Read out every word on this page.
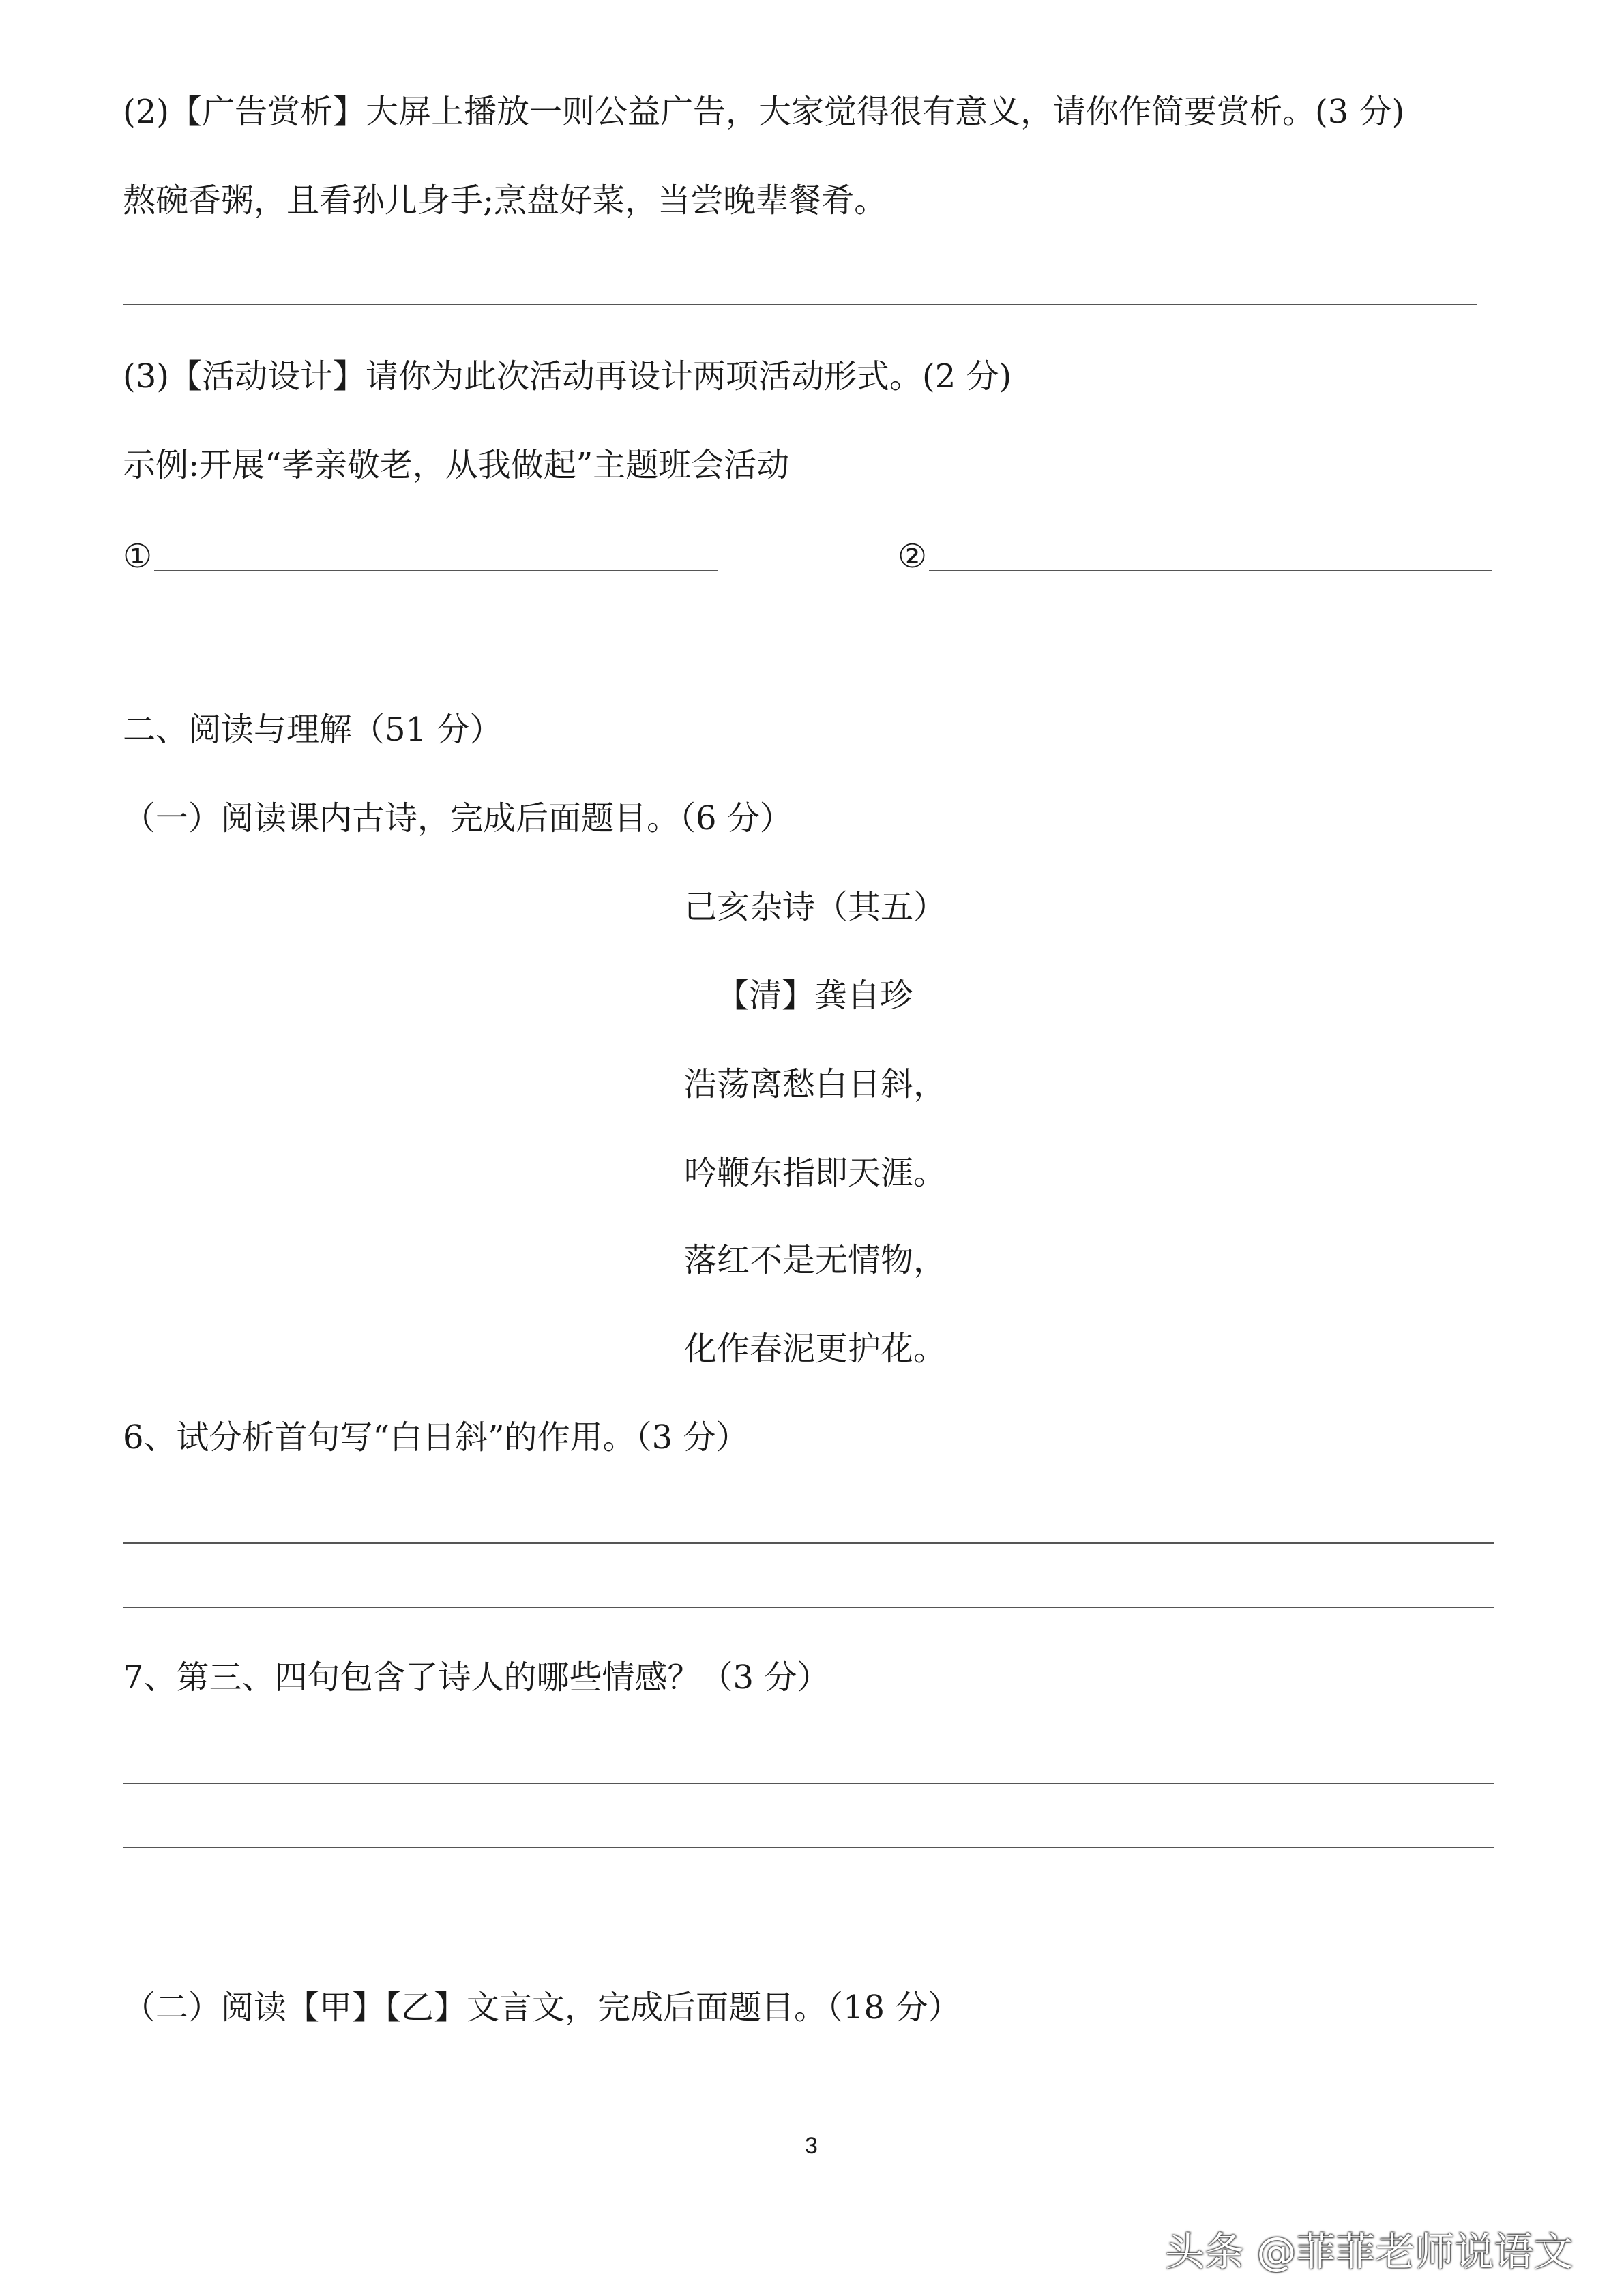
(2)【广告赏析】大屏上播放一则公益广告，大家觉得很有意义，请你作简要赏析。(3 分)
熬碗香粥，且看孙儿身手;烹盘好菜，当尝晚辈餐肴。
(3)【活动设计】请你为此次活动再设计两项活动形式。(2 分)
示例:开展“孝亲敬老，从我做起”主题班会活动
①	②
二、阅读与理解（51 分）
（一）阅读课内古诗，完成后面题目。（6 分）
己亥杂诗（其五）
【清】龚自珍
浩荡离愁白日斜，
吟鞭东指即天涯。
落红不是无情物，
化作春泥更护花。
6、试分析首句写“白日斜”的作用。（3 分）
7、第三、四句包含了诗人的哪些情感？（3 分）
（二）阅读【甲】【乙】文言文，完成后面题目。（18 分）
3
头条 @菲菲老师说语文
